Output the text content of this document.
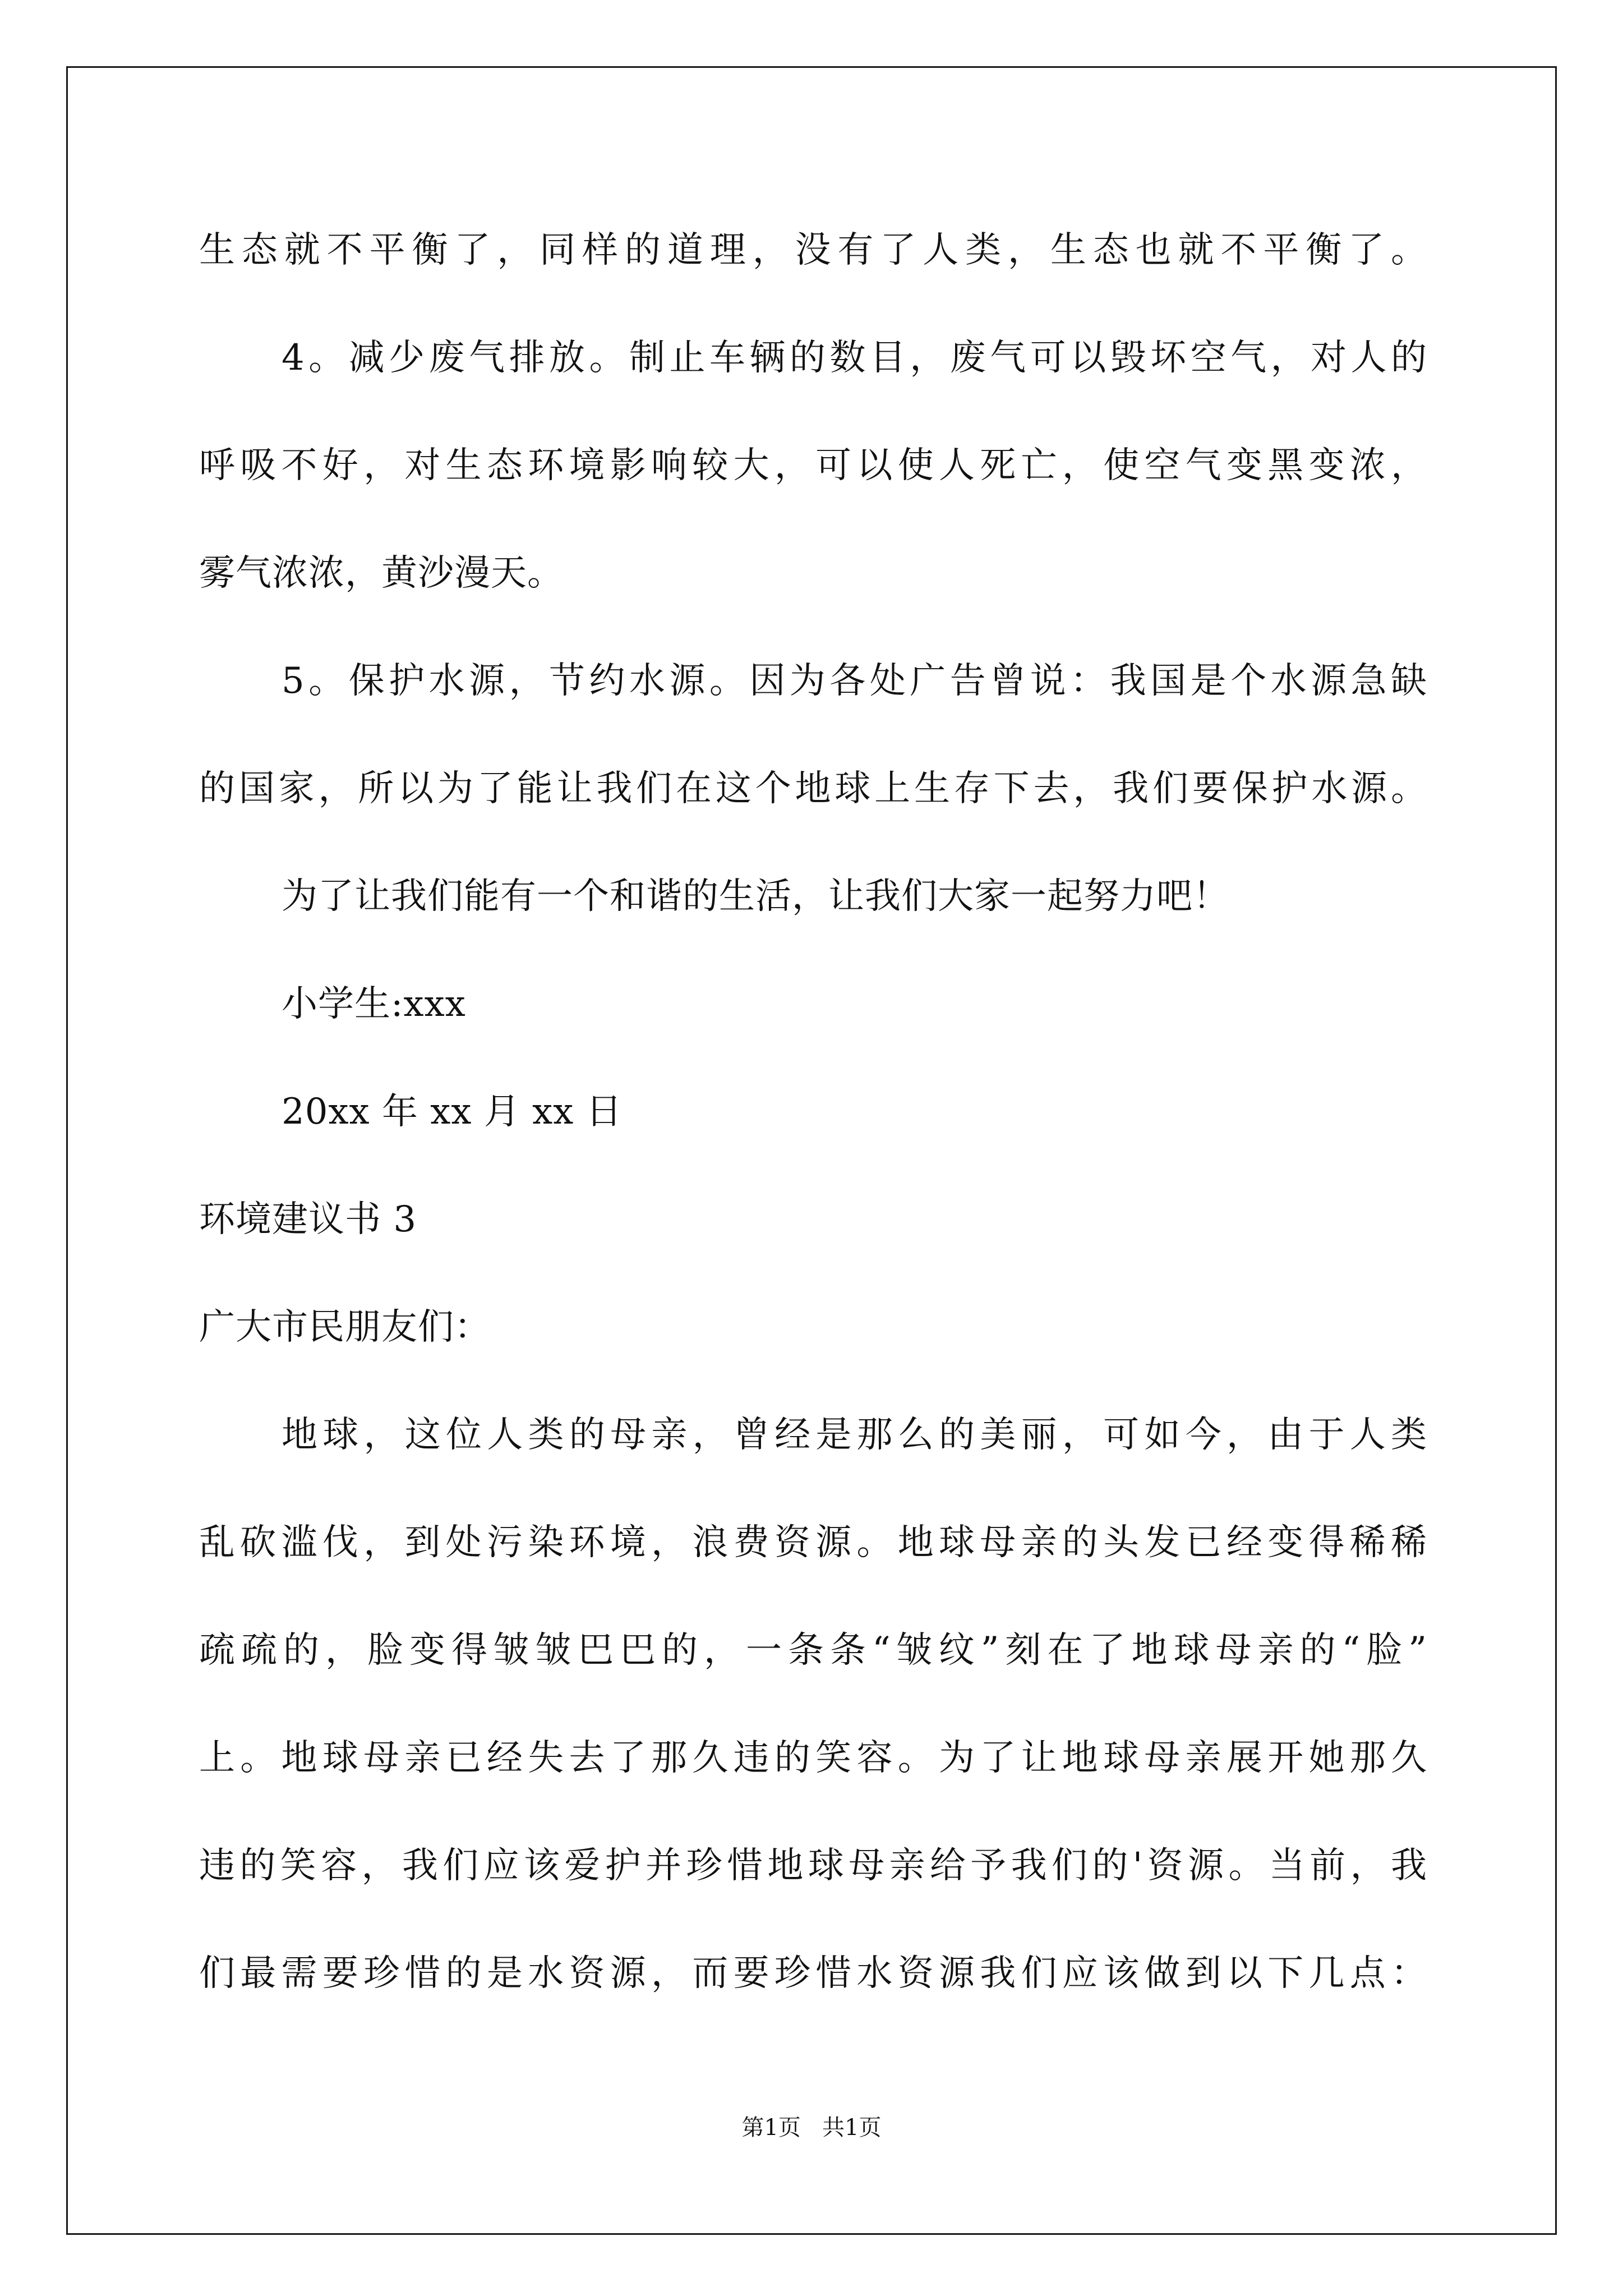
生态就不平衡了，同样的道理，没有了人类，生态也就不平衡了。
4。减少废气排放。制止车辆的数目，废气可以毁坏空气，对人的
呼吸不好，对生态环境影响较大，可以使人死亡，使空气变黑变浓，
雾气浓浓，黄沙漫天。
5。保护水源，节约水源。因为各处广告曾说：我国是个水源急缺
的国家，所以为了能让我们在这个地球上生存下去，我们要保护水源。
为了让我们能有一个和谐的生活，让我们大家一起努力吧！
小学生:xxx
20xx 年 xx 月 xx 日
环境建议书 3
广大市民朋友们：
地球，这位人类的母亲，曾经是那么的美丽，可如今，由于人类
乱砍滥伐，到处污染环境，浪费资源。地球母亲的头发已经变得稀稀
疏疏的，脸变得皱皱巴巴的，一条条“皱纹”刻在了地球母亲的“脸”
上。地球母亲已经失去了那久违的笑容。为了让地球母亲展开她那久
违的笑容，我们应该爱护并珍惜地球母亲给予我们的'资源。当前，我
们最需要珍惜的是水资源，而要珍惜水资源我们应该做到以下几点：
第1页   共1页
